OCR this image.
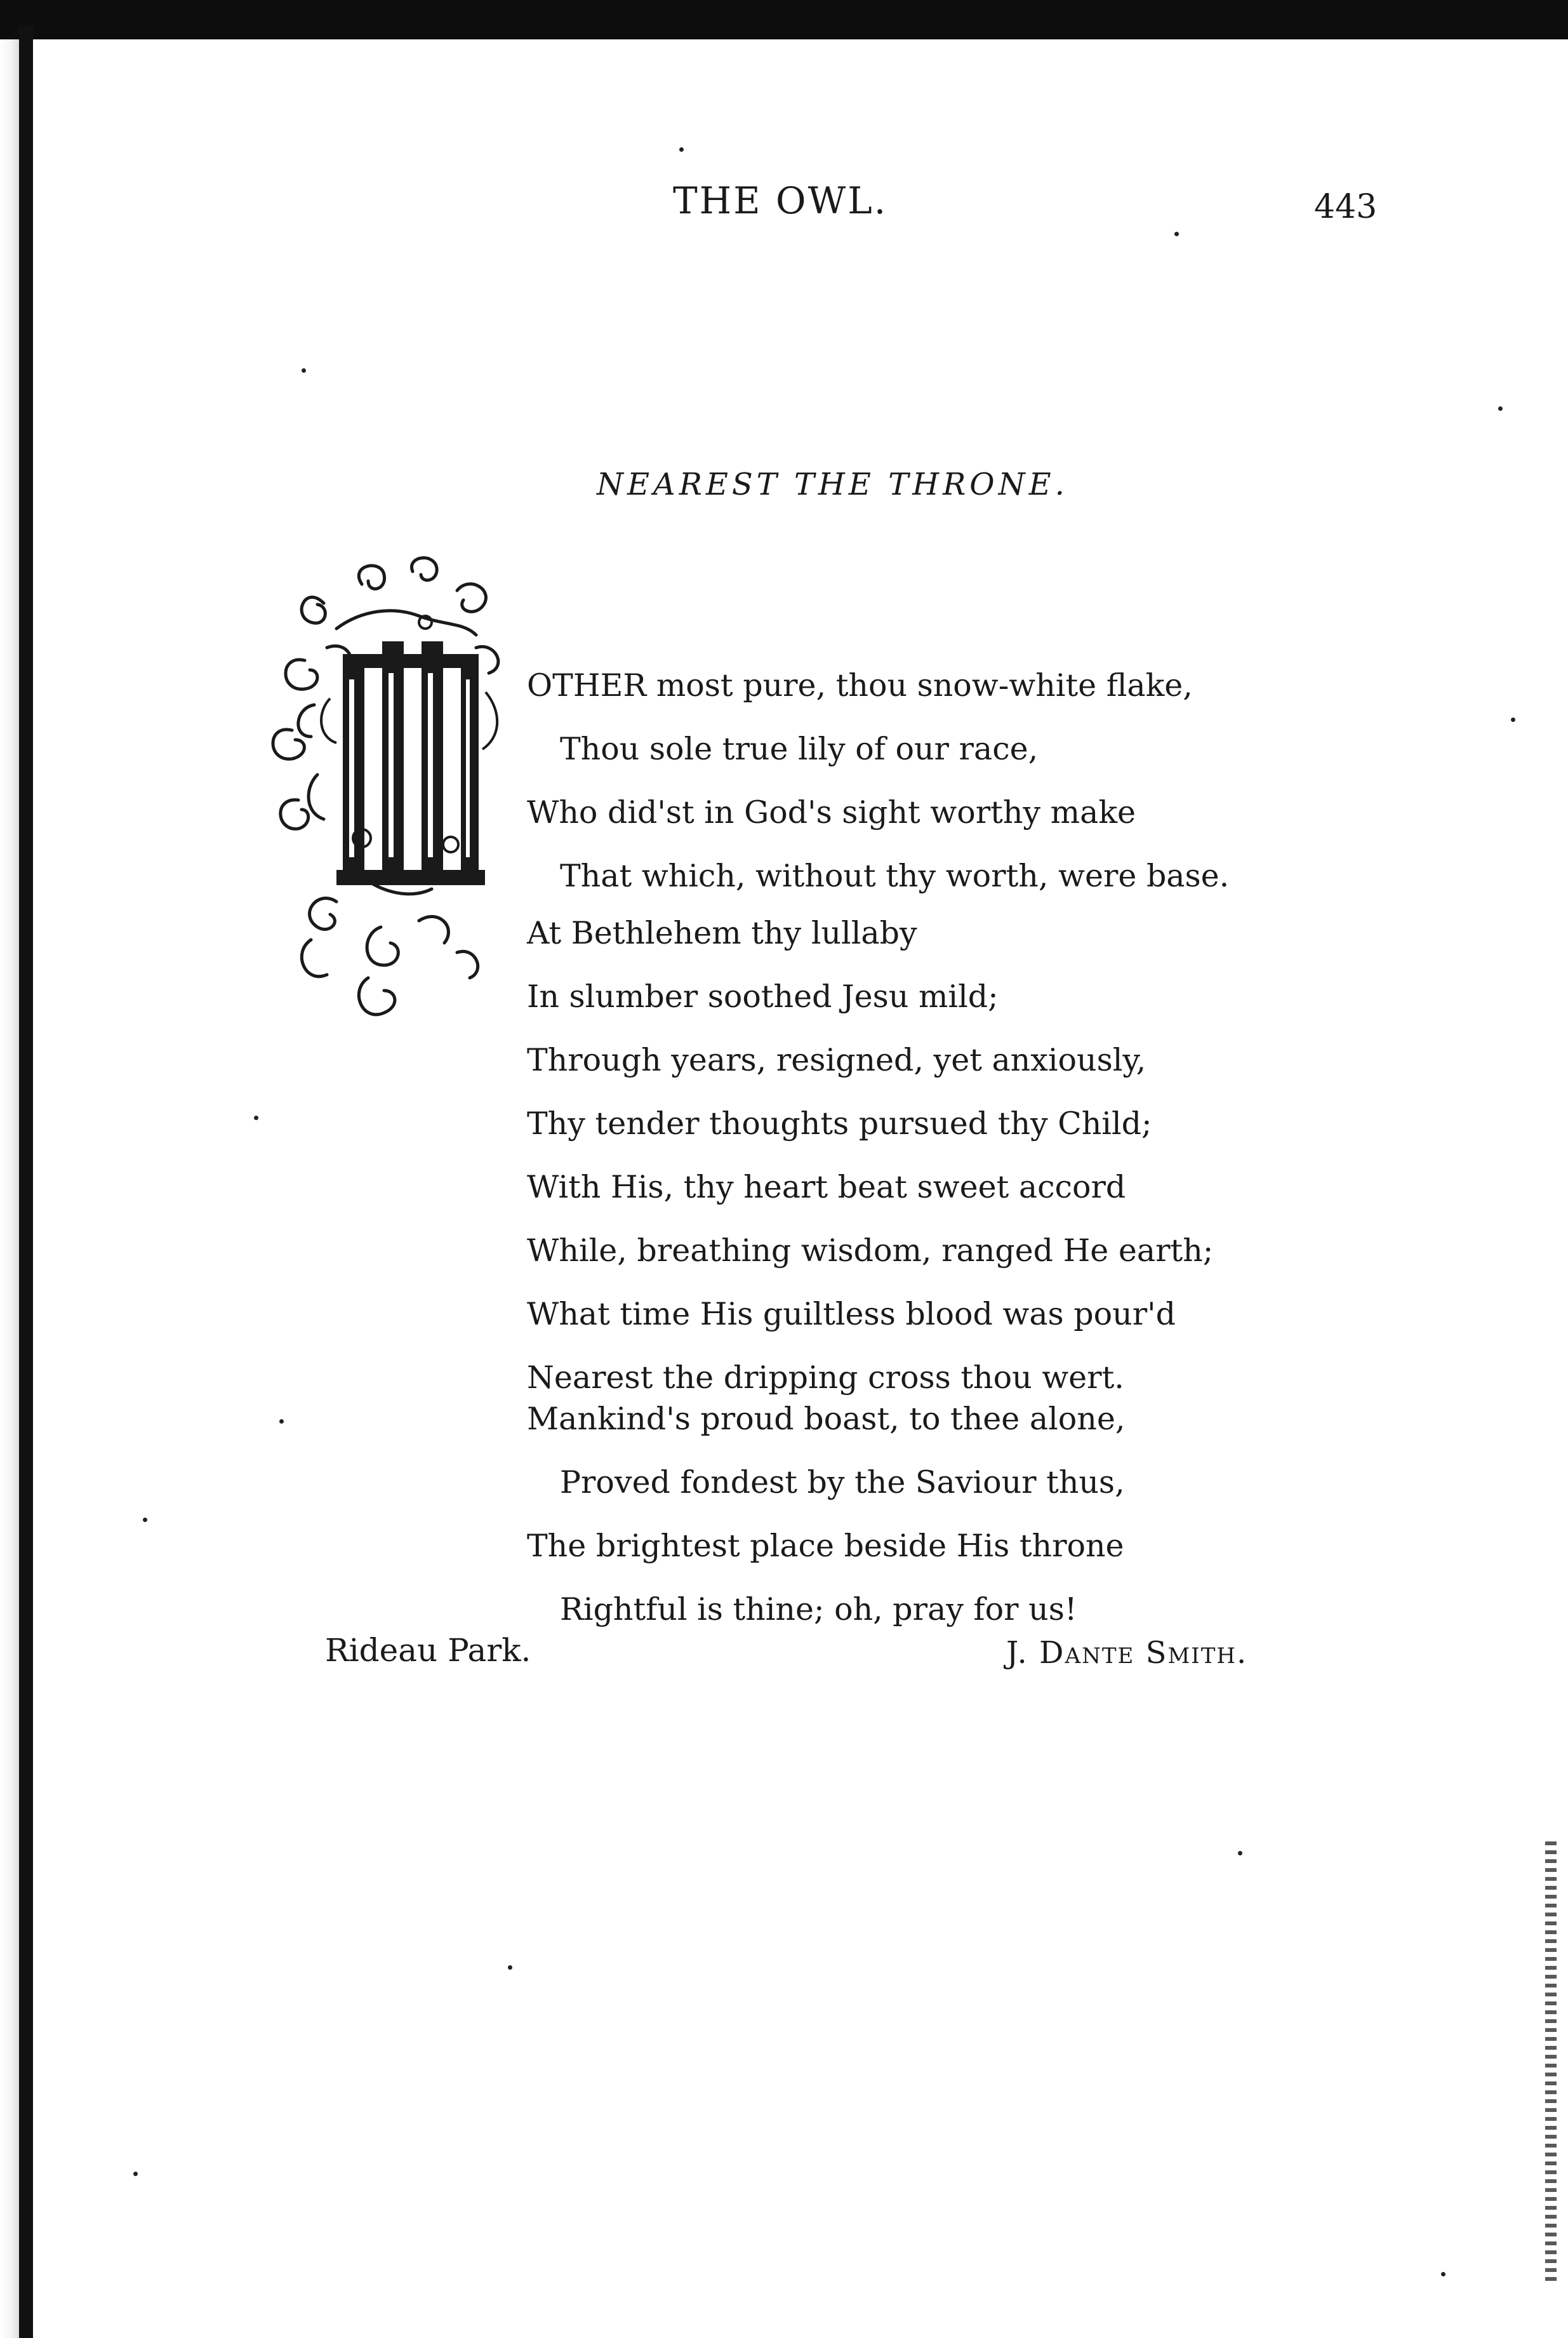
THE OWL.	443
NEAREST THE THRONE.
OTHER most pure, thou snow-white flake,
Thou sole true lily of our race,
Who did'st in God's sight worthy make
That which, without thy worth, were base.
At Bethlehem thy lullaby
In slumber soothed Jesu mild;
Through years, resigned, yet anxiously,
Thy tender thoughts pursued thy Child;
With His, thy heart beat sweet accord
While, breathing wisdom, ranged He earth;
What time His guiltless blood was pour'd
Nearest the dripping cross thou wert.
Mankind's proud boast, to thee alone,
Proved fondest by the Saviour thus,
The brightest place beside His throne
Rightful is thine; oh, pray for us!
Rideau Park.	J. Dante Smith.
